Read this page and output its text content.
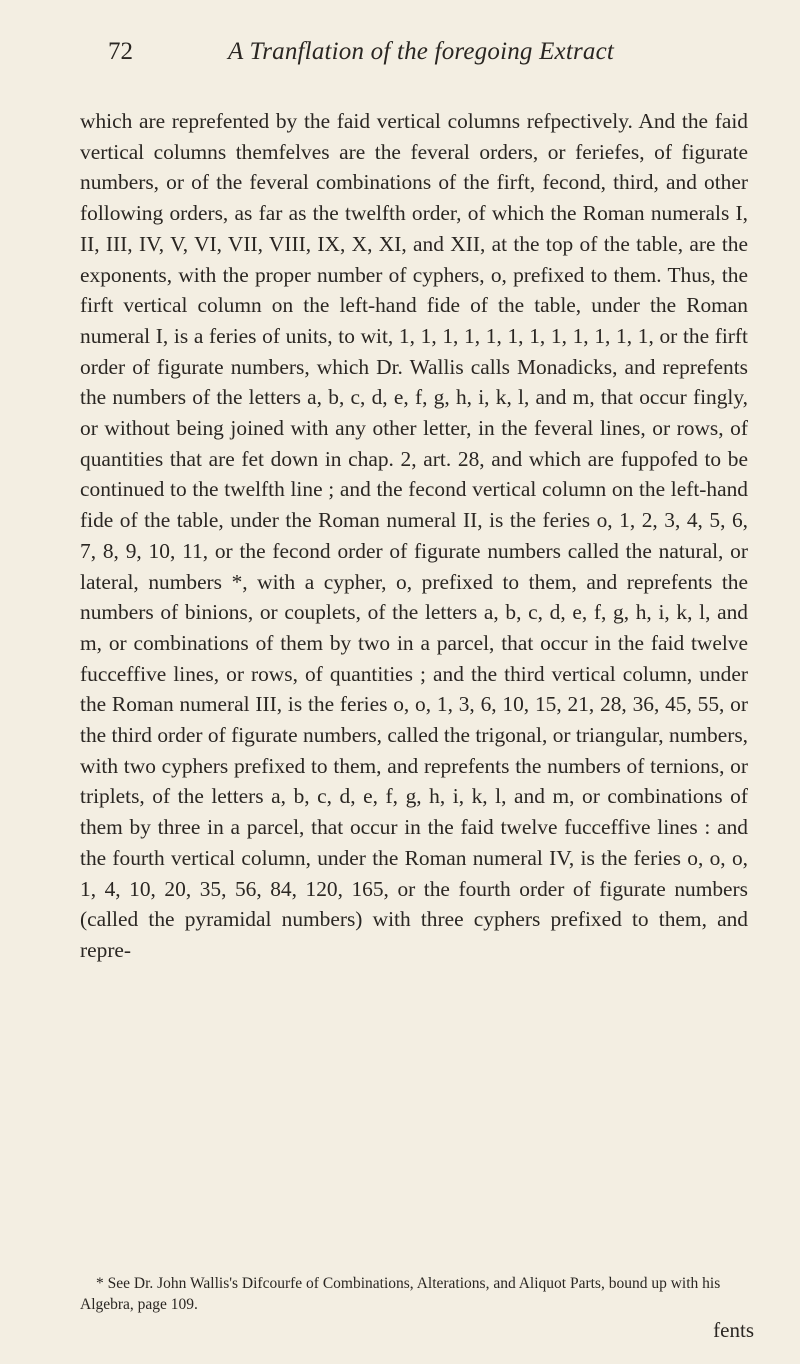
72	A Tranflation of the foregoing Extract

which are reprefented by the faid vertical columns refpectively. And the faid vertical columns themfelves are the feveral orders, or feriefes, of figurate numbers, or of the feveral combinations of the firft, fecond, third, and other following orders, as far as the twelfth order, of which the Roman numerals I, II, III, IV, V, VI, VII, VIII, IX, X, XI, and XII, at the top of the table, are the exponents, with the proper number of cyphers, o, prefixed to them. Thus, the firft vertical column on the left-hand fide of the table, under the Roman numeral I, is a feries of units, to wit, 1, 1, 1, 1, 1, 1, 1, 1, 1, 1, 1, 1, or the firft order of figurate numbers, which Dr. Wallis calls Monadicks, and reprefents the numbers of the letters a, b, c, d, e, f, g, h, i, k, l, and m, that occur fingly, or without being joined with any other letter, in the feveral lines, or rows, of quantities that are fet down in chap. 2, art. 28, and which are fuppofed to be continued to the twelfth line ; and the fecond vertical column on the left-hand fide of the table, under the Roman numeral II, is the feries o, 1, 2, 3, 4, 5, 6, 7, 8, 9, 10, 11, or the fecond order of figurate numbers called the natural, or lateral, numbers *, with a cypher, o, prefixed to them, and reprefents the numbers of binions, or couplets, of the letters a, b, c, d, e, f, g, h, i, k, l, and m, or combinations of them by two in a parcel, that occur in the faid twelve fucceffive lines, or rows, of quantities ; and the third vertical column, under the Roman numeral III, is the feries o, o, 1, 3, 6, 10, 15, 21, 28, 36, 45, 55, or the third order of figurate numbers, called the trigonal, or triangular, numbers, with two cyphers prefixed to them, and reprefents the numbers of ternions, or triplets, of the letters a, b, c, d, e, f, g, h, i, k, l, and m, or combinations of them by three in a parcel, that occur in the faid twelve fucceffive lines : and the fourth vertical column, under the Roman numeral IV, is the feries o, o, o, 1, 4, 10, 20, 35, 56, 84, 120, 165, or the fourth order of figurate numbers (called the pyramidal numbers) with three cyphers prefixed to them, and repre-

* See Dr. John Wallis's Difcourfe of Combinations, Alterations, and Aliquot Parts, bound up with his Algebra, page 109.
fents
